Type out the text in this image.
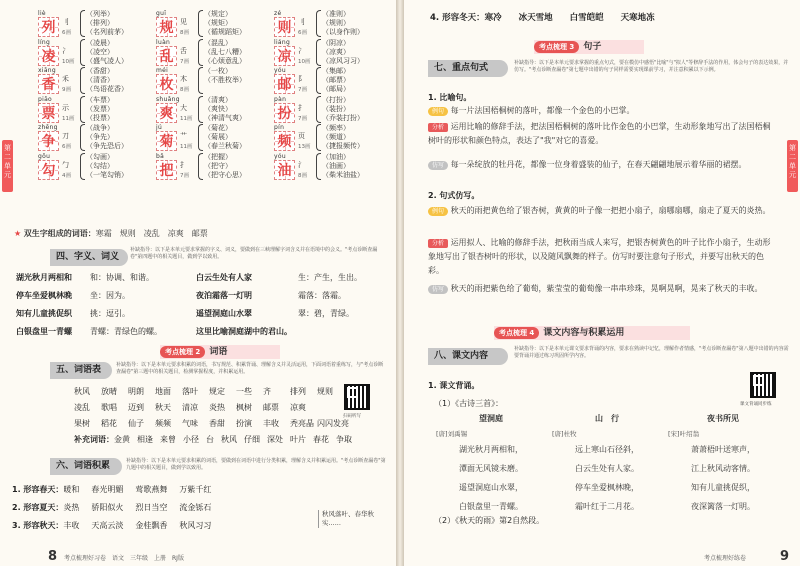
第二单元
liè
列 刂
6画
（列举）
（排列）
（名列前茅）
guī
规 见
8画
（规定）
（规矩）
（循规蹈矩）
zé
则 刂
6画
（准则）
（规则）
（以身作则）
líng
凌 冫
10画
（凌晨）
（凌空）
（盛气凌人）
luàn
乱 舌
7画
（混乱）
（乱七八糟）
（心烦意乱）
liáng
凉 冫
10画
（阴凉）
（凉爽）
（凉风习习）
xiāng
香 禾
9画
（香甜）
（清香）
（鸟语花香）
méi
枚 木
8画
（一枚）
（不胜枚举）
yóu
邮 阝
7画
（集邮）
（邮票）
（邮局）
piāo
票 示
11画
（车票）
（发票）
（投票）
shuǎng
爽 大
11画
（清爽）
（爽快）
（神清气爽）
pàn
扮 扌
7画
（打扮）
（装扮）
（乔装打扮）
zhēng
争 刀
6画
（战争）
（争先）
（争先恐后）
jú
菊 艹
11画
（菊花）
（菊展）
（春兰秋菊）
pín
频 页
13画
（频率）
（频道）
（捷报频传）
gōu
勾 勹
4画
（勾画）
（勾结）
（一笔勾销）
bǎ
把 扌
7画
（把握）
（把守）
（把守心思）
yóu
油 氵
8画
（加油）
（油画）
（柴米油盐）
★ 双生字组成的词语：寒霜　规则　凌乱　凉爽　邮票
四、字义、词义
补缺指导：以下是本单元要求掌握的字义、词义，要做到在三峡理解字词含义并在语境中的会义。"考点诊断查漏卷"第四题中的相关题目，做到学以致用。
湖光秋月两相和 和：协调、和谐。	白云生处有人家	生：产生，生出。
停车坐爱枫林晚 坐：因为。	夜泊霜落一灯明	霜落：落霜。
知有儿童挑促织 挑：逗引。	遥望洞庭山水翠	翠：碧，青绿。
白银盘里一青螺 青螺：青绿色的螺。	这里比喻洞庭湖中的君山。
考点梳理 2 词语
五、词语表	补缺指导：以下是本单元要求积累的词语，书写规范、积累背诵、理解含义并灵活运用，下面词语着重练写，与"考点诊断查漏卷"第三题中的相关题目，检测掌握程度，并积累运用。
秋风 放晴 明朗 地面 落叶 规定 一些 齐 排列 规则
凌乱 歌唱 迈到 秋天 清凉 炎热 枫树 邮票 凉爽
果树 稻花 仙子 频频 气味 香甜 扮演 丰收 秃亮晶 闪闪发亮
扫码听写
补充词语：金黄 相逢 来曾 小径 台 秋风 仔细 深处 叶片 春花 争取
六、词语积累	补缺指导：以下是本单元要求积累的词语，要做到在词语中进行分类积累，理解含义并积累运用。"考点诊断查漏卷"第九题中的相关题目，做到学以致用。
1. 形容春天：暖和 春光明媚 莺歌燕舞 万紫千红
2. 形容夏天：炎热 骄阳似火 烈日当空 流金铄石
3. 形容秋天：丰收 天高云淡 金桂飘香 秋风习习
秋风落叶、春华秋实......
8 考点梳理好习卷　语文　三年级　上册　RJ版
第二单元
4. 形容冬天：寒冷　　冰天雪地　　白雪皑皑　　天寒地冻
考点梳理 3 句子
七、重点句式	补缺指导：以下是本单元要求掌握的重点句式，要在模仿中感悟"比喻"与"拟人"等修辞手法的作用，体会句子的表达效果，并仿写。"考点诊断查漏卷"第七题中出错的句子同样需要实现课前学习，并注意积累以下示例。
1. 比喻句。
例句 每一片法国梧桐树的落叶，都像一个金色的小巴掌。
分析 运用比喻的修辞手法，把法国梧桐树的落叶比作金色的小巴掌，生动形象地写出了法国梧桐树叶的形状和颜色特点，表达了"我"对它的喜爱。
仿写 每一朵绽放的牡丹花，都像一位身着盛装的仙子，在春天翩翩地展示着华丽的裙摆。
2. 句式仿写。
例句 秋天的雨把黄色给了银杏树，黄黄的叶子像一把把小扇子，扇哪扇哪，扇走了夏天的炎热。
分析 运用拟人、比喻的修辞手法，把秋雨当成人来写，把银杏树黄色的叶子比作小扇子，生动形象地写出了银杏树叶的形状，以及随风飘舞的样子。仿写时要注意句子形式，并要写出秋天的色彩。
仿写 秋天的雨把紫色给了葡萄，紫莹莹的葡萄像一串串珍珠，晃啊晃啊，晃来了秋天的丰收。
考点梳理 4 课文内容与积累运用
八、课文内容
补缺指导：以下是本单元课文要求背诵的内容，要求在熟读中记忆，理解作者情感，"考点诊断查漏卷"第八题中出错的内容需要背诵并通过练习巩固所学内容。
1. 课文背诵。
课文背诵同步练
（1）《古诗三首》：
望洞庭
[唐]刘禹锡
湖光秋月两相和，
潭面无风镜未磨。
遥望洞庭山水翠，
白银盘里一青螺。
山　行
[唐]杜牧
远上寒山石径斜，
白云生处有人家。
停车坐爱枫林晚，
霜叶红于二月花。
夜书所见
[宋]叶绍翁
萧萧梧叶送寒声，
江上秋风动客情。
知有儿童挑促织，
夜深篱落一灯明。
（2）《秋天的雨》第2自然段。
考点梳理好练卷	9
